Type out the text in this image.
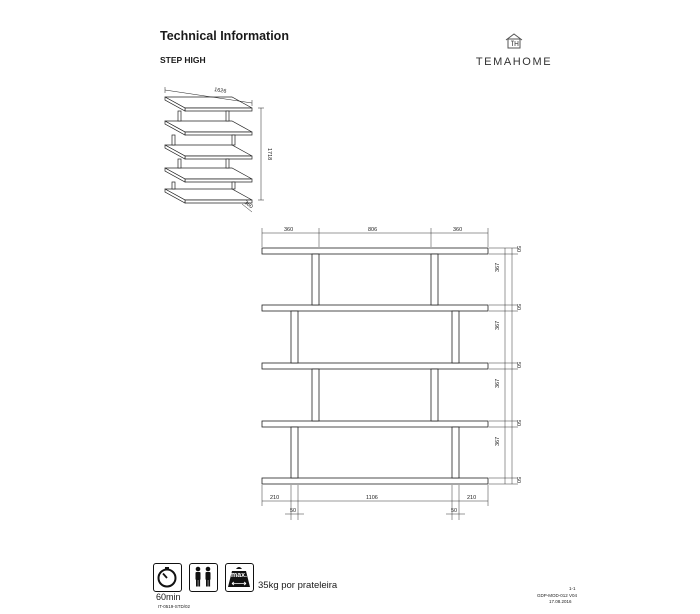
Technical Information
STEP HIGH	TEMAHOME
1626
1718
360
360	806	360
210	1106	210
50	50
50
50
50
50
50
367
367
367
367
60min
max.
35kg por prateleira
IT-0519-STD/02
1-1
GDP-MOD-012 V04
17.08.2016
